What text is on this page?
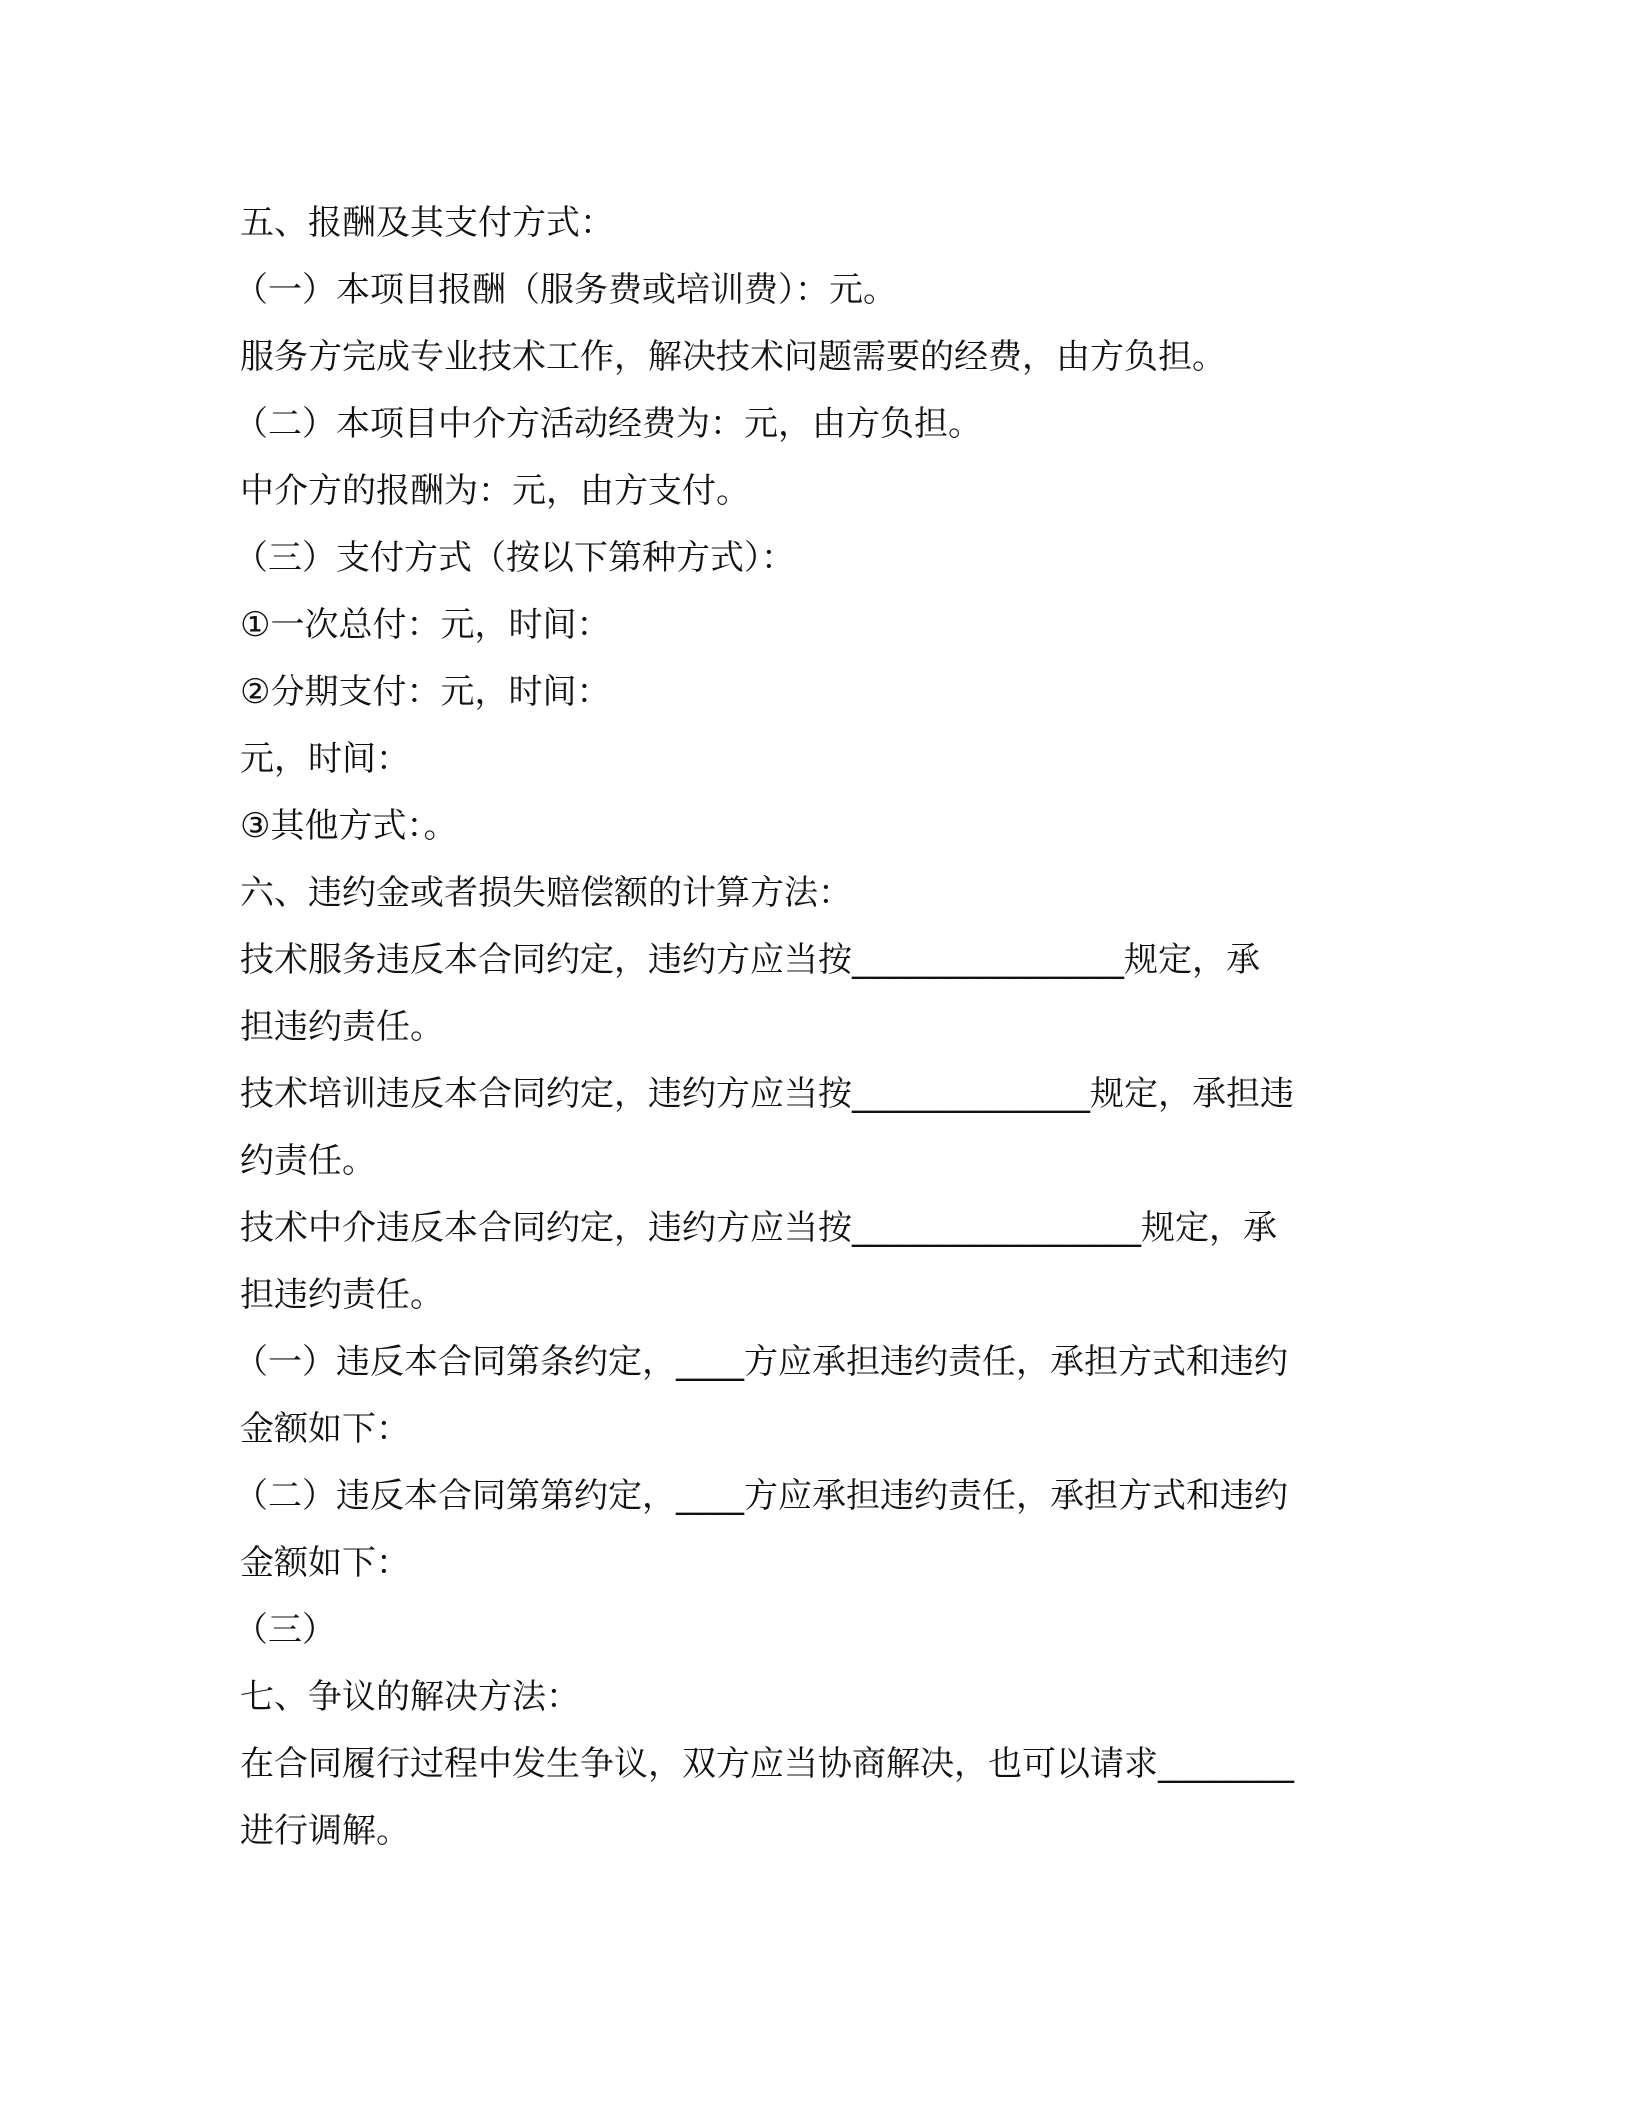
五、报酬及其支付方式：
（一）本项目报酬（服务费或培训费）：元。
服务方完成专业技术工作，解决技术问题需要的经费，由方负担。
（二）本项目中介方活动经费为：元，由方负担。
中介方的报酬为：元，由方支付。
（三）支付方式（按以下第种方式）：
①一次总付：元，时间：
②分期支付：元，时间：
元，时间：
③其他方式：。
六、违约金或者损失赔偿额的计算方法：
技术服务违反本合同约定，违约方应当按________________规定，承
担违约责任。
技术培训违反本合同约定，违约方应当按______________规定，承担违
约责任。
技术中介违反本合同约定，违约方应当按_________________规定，承
担违约责任。
（一）违反本合同第条约定，____方应承担违约责任，承担方式和违约
金额如下：
（二）违反本合同第第约定，____方应承担违约责任，承担方式和违约
金额如下：
（三）
七、争议的解决方法：
在合同履行过程中发生争议，双方应当协商解决，也可以请求________
进行调解。
